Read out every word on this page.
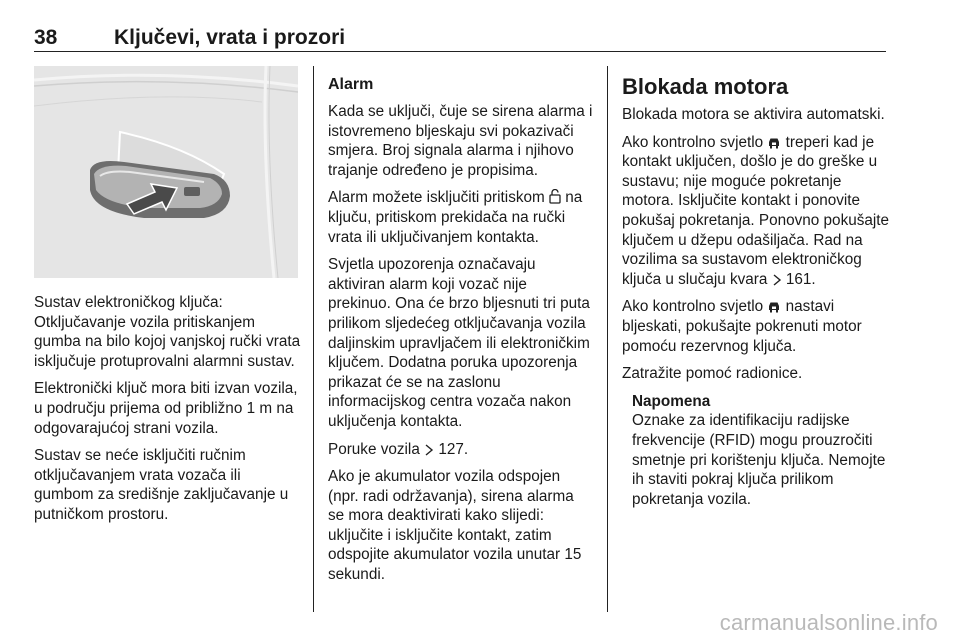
38	Ključevi, vrata i prozori

Sustav elektroničkog ključa: Otključavanje vozila pritiskanjem gumba na bilo kojoj vanjskoj ručki vrata isključuje protuprovalni alarmni sustav.

Elektronički ključ mora biti izvan vozila, u području prijema od približno 1 m na odgovarajućoj strani vozila.

Sustav se neće isključiti ručnim otključavanjem vrata vozača ili gumbom za središnje zaključavanje u putničkom prostoru.

Alarm

Kada se uključi, čuje se sirena alarma i istovremeno bljeskaju svi pokazivači smjera. Broj signala alarma i njihovo trajanje određeno je propisima.

Alarm možete isključiti pritiskom  na ključu, pritiskom prekidača na ručki vrata ili uključivanjem kontakta.

Svjetla upozorenja označavaju aktiviran alarm koji vozač nije prekinuo. Ona će brzo bljesnuti tri puta prilikom sljedećeg otključavanja vozila daljinskim upravljačem ili elektroničkim ključem. Dodatna poruka upozorenja prikazat će se na zaslonu informacijskog centra vozača nakon uključenja kontakta.

Poruke vozila  127.

Ako je akumulator vozila odspojen (npr. radi održavanja), sirena alarma se mora deaktivirati kako slijedi: uključite i isključite kontakt, zatim odspojite akumulator vozila unutar 15 sekundi.

Blokada motora

Blokada motora se aktivira automatski.

Ako kontrolno svjetlo  treperi kad je kontakt uključen, došlo je do greške u sustavu; nije moguće pokretanje motora. Isključite kontakt i ponovite pokušaj pokretanja. Ponovno pokušajte ključem u džepu odašiljača. Rad na vozilima sa sustavom elektroničkog ključa u slučaju kvara  161.

Ako kontrolno svjetlo  nastavi bljeskati, pokušajte pokrenuti motor pomoću rezervnog ključa.

Zatražite pomoć radionice.

Napomena

Oznake za identifikaciju radijske frekvencije (RFID) mogu prouzročiti smetnje pri korištenju ključa. Nemojte ih staviti pokraj ključa prilikom pokretanja vozila.

carmanualsonline.info
